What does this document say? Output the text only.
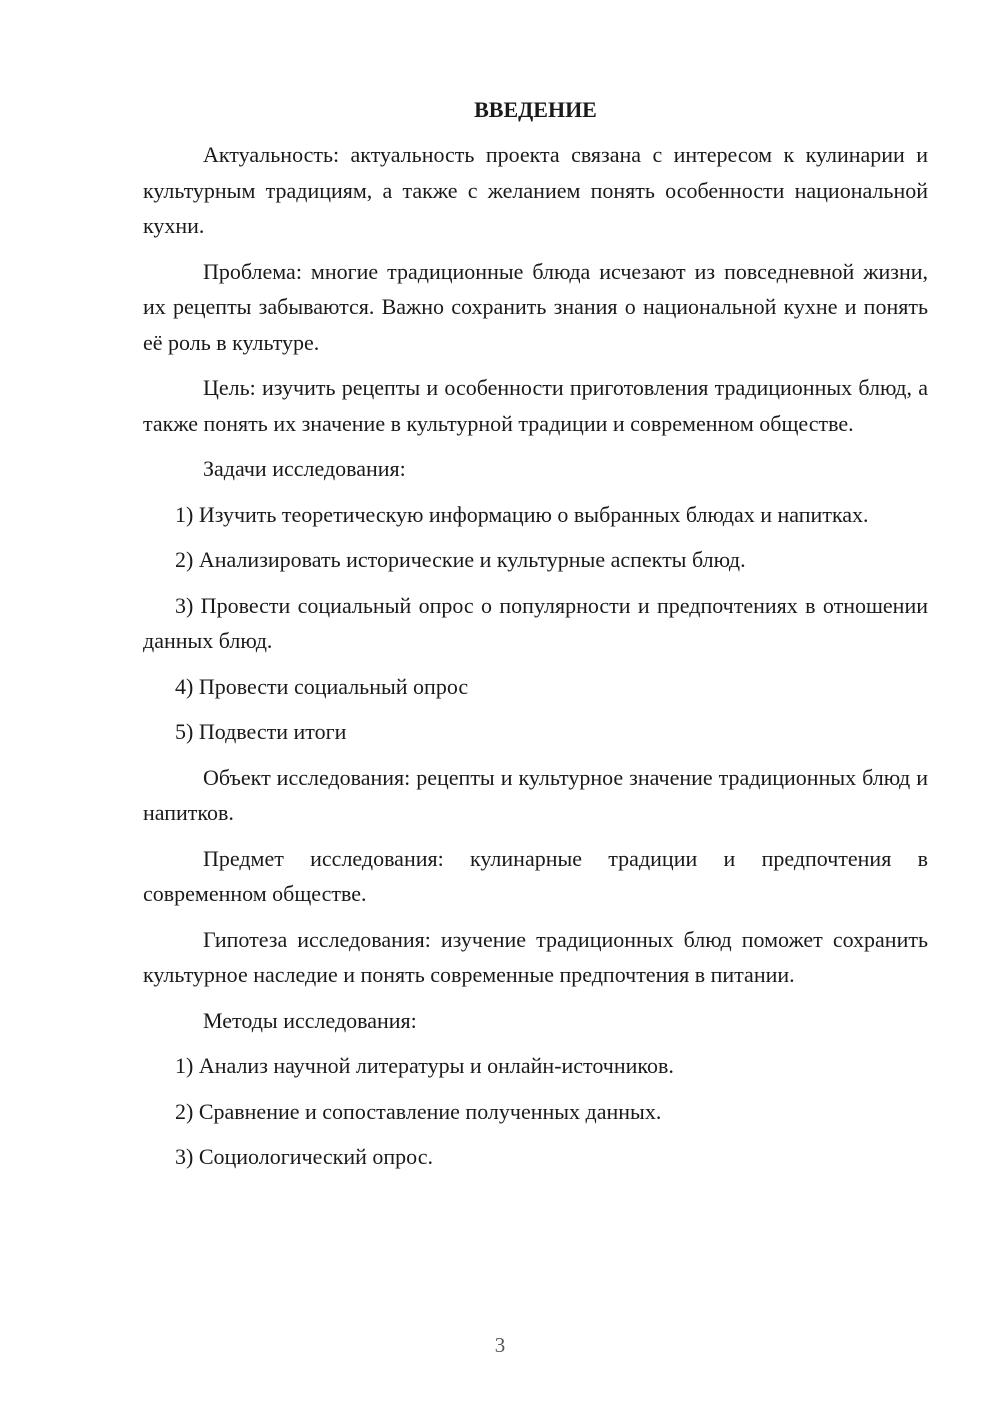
ВВЕДЕНИЕ

Актуальность: актуальность проекта связана с интересом к кулинарии и культурным традициям, а также с желанием понять особенности национальной кухни.

Проблема: многие традиционные блюда исчезают из повседневной жизни, их рецепты забываются. Важно сохранить знания о национальной кухне и понять её роль в культуре.

Цель: изучить рецепты и особенности приготовления традиционных блюд, а также понять их значение в культурной традиции и современном обществе.

Задачи исследования:

1) Изучить теоретическую информацию о выбранных блюдах и напитках.

2) Анализировать исторические и культурные аспекты блюд.

3) Провести социальный опрос о популярности и предпочтениях в отношении данных блюд.

4) Провести социальный опрос

5) Подвести итоги

Объект исследования: рецепты и культурное значение традиционных блюд и напитков.

Предмет исследования: кулинарные традиции и предпочтения в современном обществе.

Гипотеза исследования: изучение традиционных блюд поможет сохранить культурное наследие и понять современные предпочтения в питании.

Методы исследования:

1) Анализ научной литературы и онлайн-источников.

2) Сравнение и сопоставление полученных данных.

3) Социологический опрос.

3
